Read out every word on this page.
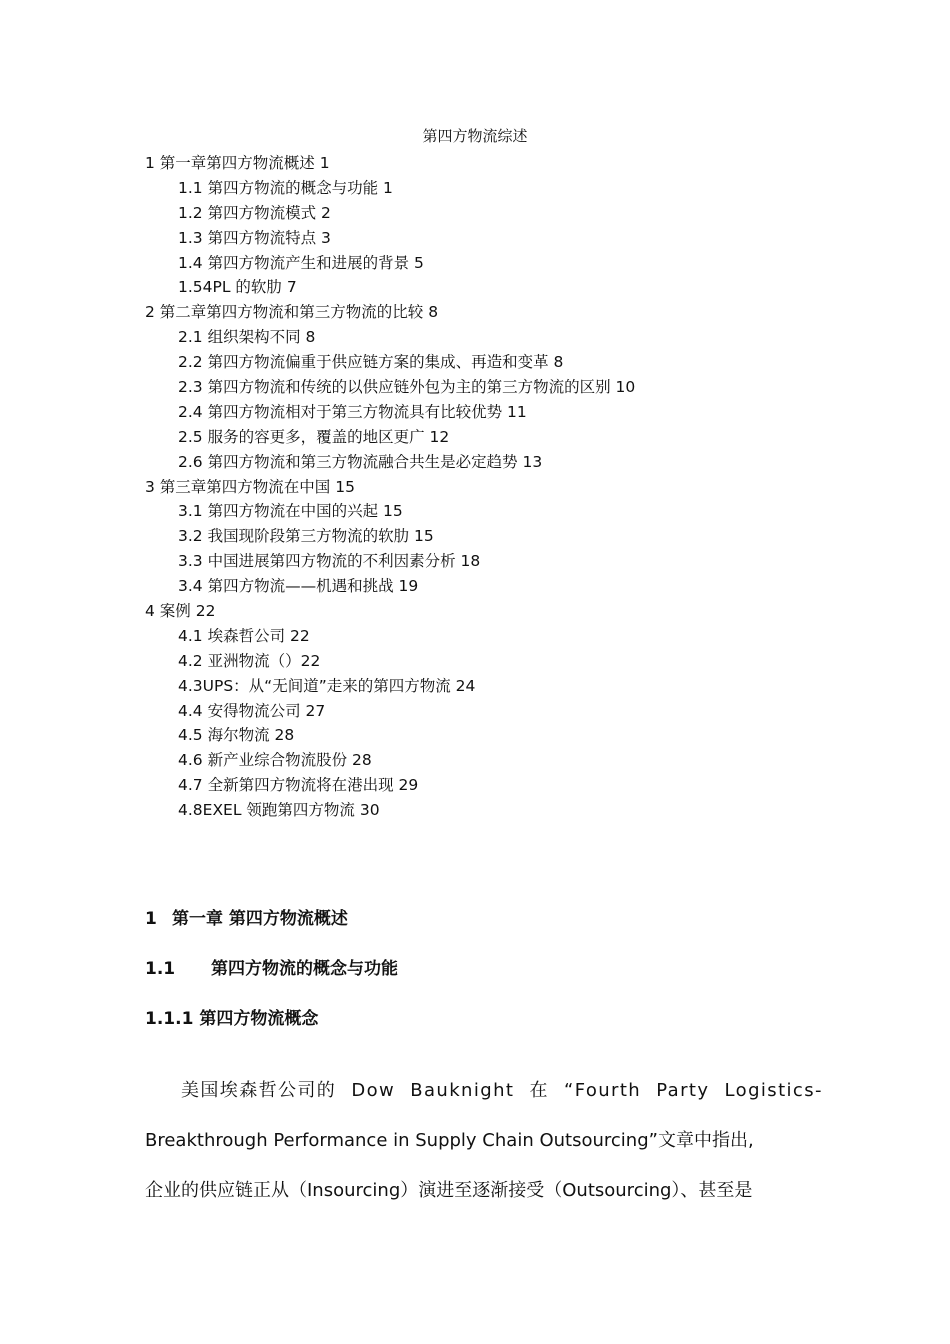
第四方物流综述
1 第一章第四方物流概述 1
1.1 第四方物流的概念与功能 1
1.2 第四方物流模式 2
1.3 第四方物流特点 3
1.4 第四方物流产生和进展的背景 5
1.54PL 的软肋 7
2 第二章第四方物流和第三方物流的比较 8
2.1 组织架构不同 8
2.2 第四方物流偏重于供应链方案的集成、再造和变革 8
2.3 第四方物流和传统的以供应链外包为主的第三方物流的区别 10
2.4 第四方物流相对于第三方物流具有比较优势 11
2.5 服务的容更多，覆盖的地区更广 12
2.6 第四方物流和第三方物流融合共生是必定趋势 13
3 第三章第四方物流在中国 15
3.1 第四方物流在中国的兴起 15
3.2 我国现阶段第三方物流的软肋 15
3.3 中国进展第四方物流的不利因素分析 18
3.4 第四方物流——机遇和挑战 19
4 案例 22
4.1 埃森哲公司 22
4.2 亚洲物流（）22
4.3UPS：从“无间道”走来的第四方物流 24
4.4 安得物流公司 27
4.5 海尔物流 28
4.6 新产业综合物流股份 28
4.7 全新第四方物流将在港出现 29
4.8EXEL 领跑第四方物流 30
1 第一章 第四方物流概述
1.1 第四方物流的概念与功能
1.1.1 第四方物流概念
美国埃森哲公司的 Dow Bauknight 在 “Fourth Party Logistics-
Breakthrough Performance in Supply Chain Outsourcing”文章中指出,
企业的供应链正从（Insourcing）演进至逐渐接受（Outsourcing）、甚至是
